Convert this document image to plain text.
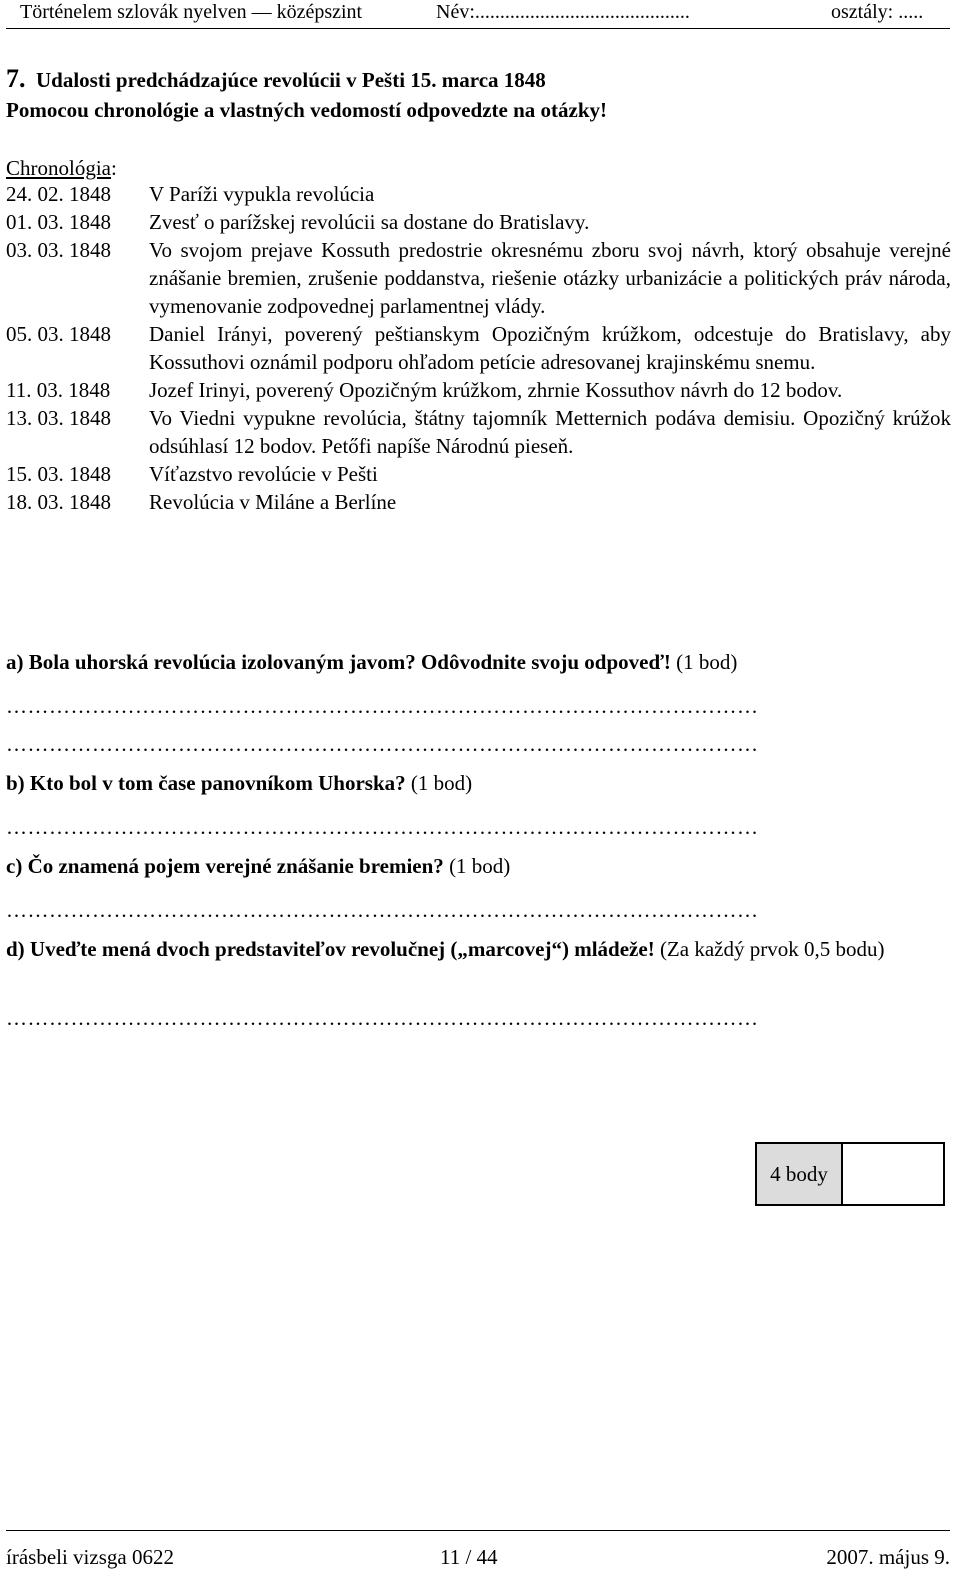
Történelem szlovák nyelven — középszint	Név:...........................................	osztály: .....
7. Udalosti predchádzajúce revolúcii v Pešti 15. marca 1848
Pomocou chronológie a vlastných vedomostí odpovedzte na otázky!
Chronológia:
24. 02. 1848	V Paríži vypukla revolúcia
01. 03. 1848	Zvesť o parížskej revolúcii sa dostane do Bratislavy.
03. 03. 1848	Vo svojom prejave Kossuth predostrie okresnému zboru svoj návrh, ktorý obsahuje verejné znášanie bremien, zrušenie poddanstva, riešenie otázky urbanizácie a politických práv národa, vymenovanie zodpovednej parlamentnej vlády.
05. 03. 1848	Daniel Irányi, poverený peštianskym Opozičným krúžkom, odcestuje do Bratislavy, aby Kossuthovi oznámil podporu ohľadom petície adresovanej krajinskému snemu.
11. 03. 1848	Jozef Irinyi, poverený Opozičným krúžkom, zhrnie Kossuthov návrh do 12 bodov.
13. 03. 1848	Vo Viedni vypukne revolúcia, štátny tajomník Metternich podáva demisiu. Opozičný krúžok odsúhlasí 12 bodov. Petőfi napíše Národnú pieseň.
15. 03. 1848	Víťazstvo revolúcie v Pešti
18. 03. 1848	Revolúcia v Miláne a Berlíne
a) Bola uhorská revolúcia izolovaným javom? Odôvodnite svoju odpoveď! (1 bod)
……………………………………………………………………………………………
……………………………………………………………………………………………
b) Kto bol v tom čase panovníkom Uhorska? (1 bod)
……………………………………………………………………………………………
c) Čo znamená pojem verejné znášanie bremien? (1 bod)
……………………………………………………………………………………………
d) Uveďte mená dvoch predstaviteľov revolučnej („marcovej“) mládeže! (Za každý prvok 0,5 bodu)
……………………………………………………………………………………………
4 body
írásbeli vizsga 0622	11 / 44	2007. május 9.
